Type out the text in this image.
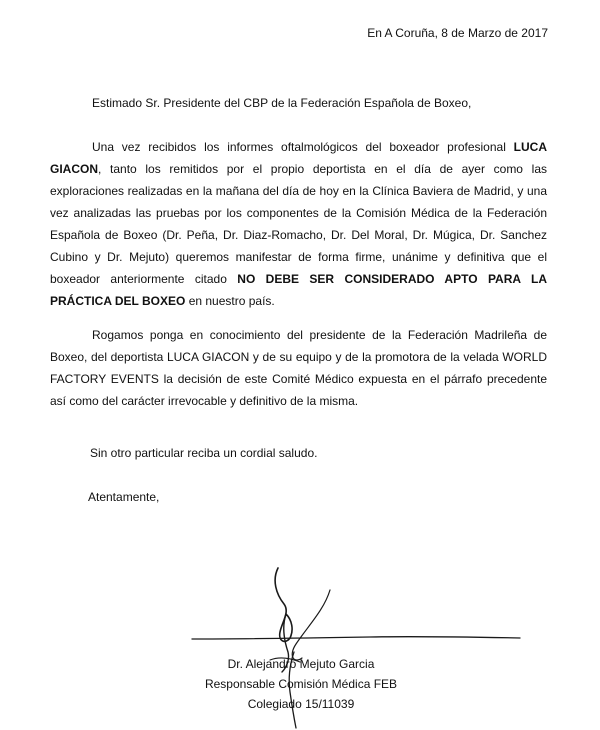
En A Coruña, 8 de Marzo de 2017
Estimado Sr. Presidente del CBP de la Federación Española de Boxeo,

Una vez recibidos los informes oftalmológicos del boxeador profesional LUCA GIACON, tanto los remitidos por el propio deportista en el día de ayer como las exploraciones realizadas en la mañana del día de hoy en la Clínica Baviera de Madrid, y una vez analizadas las pruebas por los componentes de la Comisión Médica de la Federación Española de Boxeo (Dr. Peña, Dr. Diaz-Romacho, Dr. Del Moral, Dr. Múgica, Dr. Sanchez Cubino y Dr. Mejuto) queremos manifestar de forma firme, unánime y definitiva que el boxeador anteriormente citado NO DEBE SER CONSIDERADO APTO PARA LA PRÁCTICA DEL BOXEO en nuestro país.

Rogamos ponga en conocimiento del presidente de la Federación Madrileña de Boxeo, del deportista LUCA GIACON y de su equipo y de la promotora de la velada WORLD FACTORY EVENTS la decisión de este Comité Médico expuesta en el párrafo precedente así como del carácter irrevocable y definitivo de la misma.

Sin otro particular reciba un cordial saludo.
Atentamente,
Dr. Alejandro Mejuto Garcia
Responsable Comisión Médica FEB
Colegiado 15/11039
